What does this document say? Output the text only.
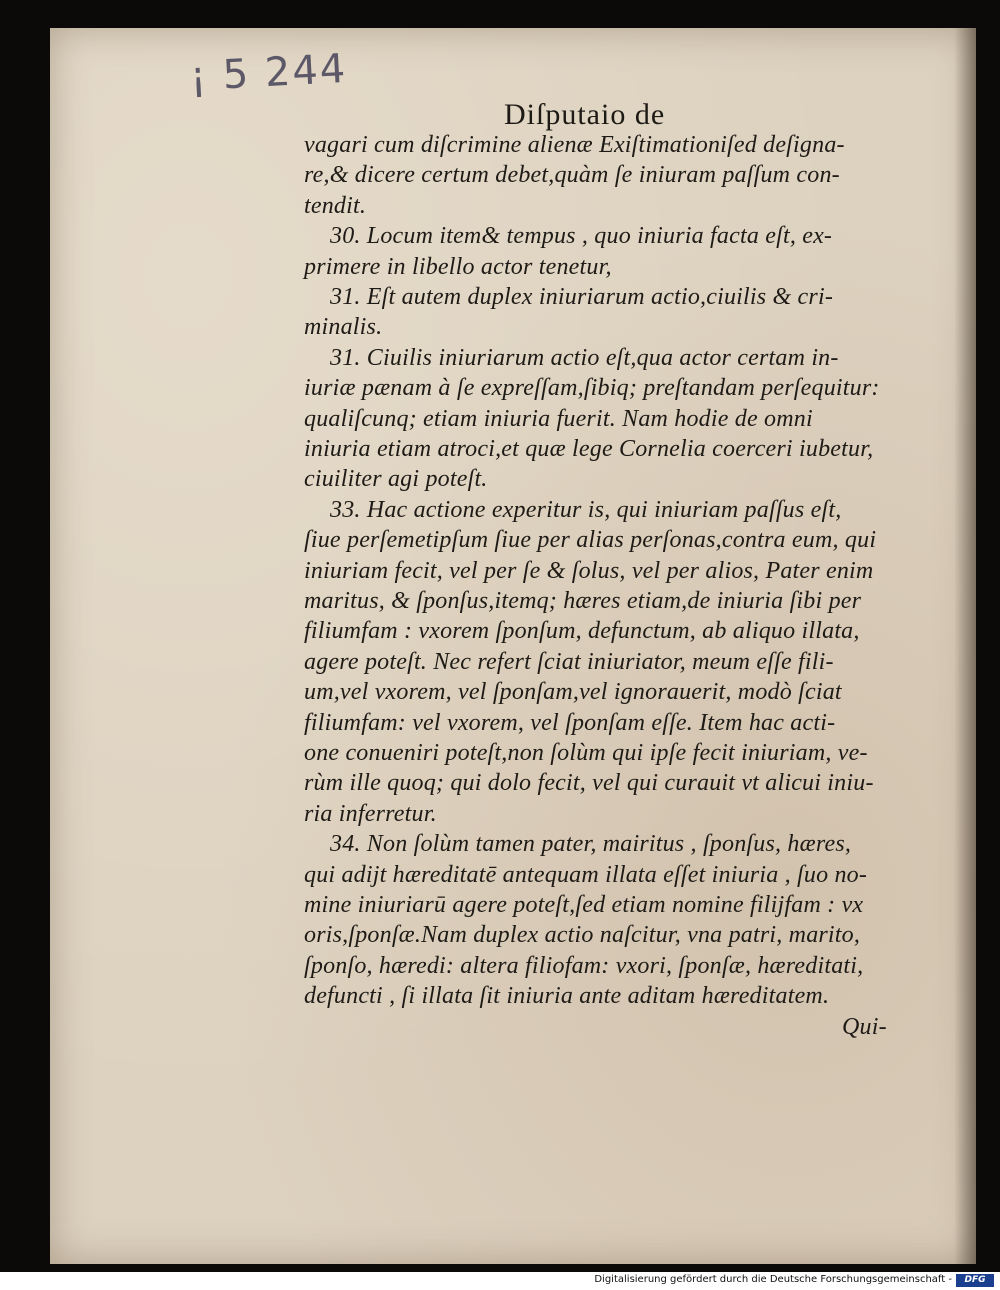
¡ 5 244
Diſputaio de
vagari cum diſcrimine alienæ Exiſtimationiſed deſigna-
re,& dicere certum debet,quàm ſe iniuram paſſum con-
tendit.
30. Locum item& tempus , quo iniuria facta eſt, ex-
primere in libello actor tenetur,
31. Eſt autem duplex iniuriarum actio,ciuilis & cri-
minalis.
31. Ciuilis iniuriarum actio eſt,qua actor certam in-
iuriæ pænam à ſe expreſſam,ſibiq; preſtandam perſequitur:
qualiſcunq; etiam iniuria fuerit. Nam hodie de omni
iniuria etiam atroci,et quæ lege Cornelia coerceri iubetur,
ciuiliter agi poteſt.
33. Hac actione experitur is, qui iniuriam paſſus eſt,
ſiue perſemetipſum ſiue per alias perſonas,contra eum, qui
iniuriam fecit, vel per ſe & ſolus, vel per alios, Pater enim
maritus, & ſponſus,itemq; hæres etiam,de iniuria ſibi per
filiumfam : vxorem ſponſum, defunctum, ab aliquo illata,
agere poteſt. Nec refert ſciat iniuriator, meum eſſe fili-
um,vel vxorem, vel ſponſam,vel ignorauerit, modò ſciat
filiumfam: vel vxorem, vel ſponſam eſſe. Item hac acti-
one conueniri poteſt,non ſolùm qui ipſe fecit iniuriam, ve-
rùm ille quoq; qui dolo fecit, vel qui curauit vt alicui iniu-
ria inferretur.
34. Non ſolùm tamen pater, mairitus , ſponſus, hæres,
qui adijt hæreditatē antequam illata eſſet iniuria , ſuo no-
mine iniuriarū agere poteſt,ſed etiam nomine filijfam : vx
oris,ſponſæ.Nam duplex actio naſcitur, vna patri, marito,
ſponſo, hæredi: altera filiofam: vxori, ſponſæ, hæreditati,
defuncti , ſi illata ſit iniuria ante aditam hæreditatem.
Qui-
Digitalisierung gefördert durch die Deutsche Forschungsgemeinschaft -	DFG
